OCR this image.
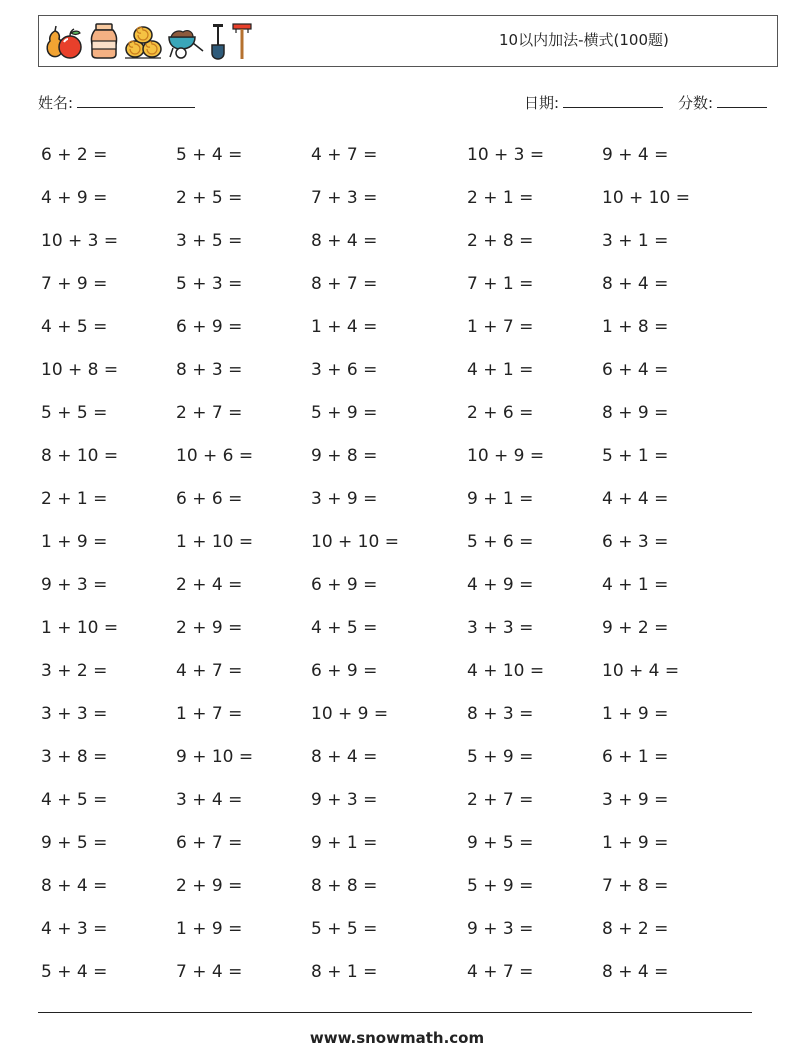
10以内加法-横式(100题)
姓名:	日期:	分数:
6 + 2 =	5 + 4 =	4 + 7 =	10 + 3 =	9 + 4 =
4 + 9 =	2 + 5 =	7 + 3 =	2 + 1 =	10 + 10 =
10 + 3 =	3 + 5 =	8 + 4 =	2 + 8 =	3 + 1 =
7 + 9 =	5 + 3 =	8 + 7 =	7 + 1 =	8 + 4 =
4 + 5 =	6 + 9 =	1 + 4 =	1 + 7 =	1 + 8 =
10 + 8 =	8 + 3 =	3 + 6 =	4 + 1 =	6 + 4 =
5 + 5 =	2 + 7 =	5 + 9 =	2 + 6 =	8 + 9 =
8 + 10 =	10 + 6 =	9 + 8 =	10 + 9 =	5 + 1 =
2 + 1 =	6 + 6 =	3 + 9 =	9 + 1 =	4 + 4 =
1 + 9 =	1 + 10 =	10 + 10 =	5 + 6 =	6 + 3 =
9 + 3 =	2 + 4 =	6 + 9 =	4 + 9 =	4 + 1 =
1 + 10 =	2 + 9 =	4 + 5 =	3 + 3 =	9 + 2 =
3 + 2 =	4 + 7 =	6 + 9 =	4 + 10 =	10 + 4 =
3 + 3 =	1 + 7 =	10 + 9 =	8 + 3 =	1 + 9 =
3 + 8 =	9 + 10 =	8 + 4 =	5 + 9 =	6 + 1 =
4 + 5 =	3 + 4 =	9 + 3 =	2 + 7 =	3 + 9 =
9 + 5 =	6 + 7 =	9 + 1 =	9 + 5 =	1 + 9 =
8 + 4 =	2 + 9 =	8 + 8 =	5 + 9 =	7 + 8 =
4 + 3 =	1 + 9 =	5 + 5 =	9 + 3 =	8 + 2 =
5 + 4 =	7 + 4 =	8 + 1 =	4 + 7 =	8 + 4 =
www.snowmath.com
